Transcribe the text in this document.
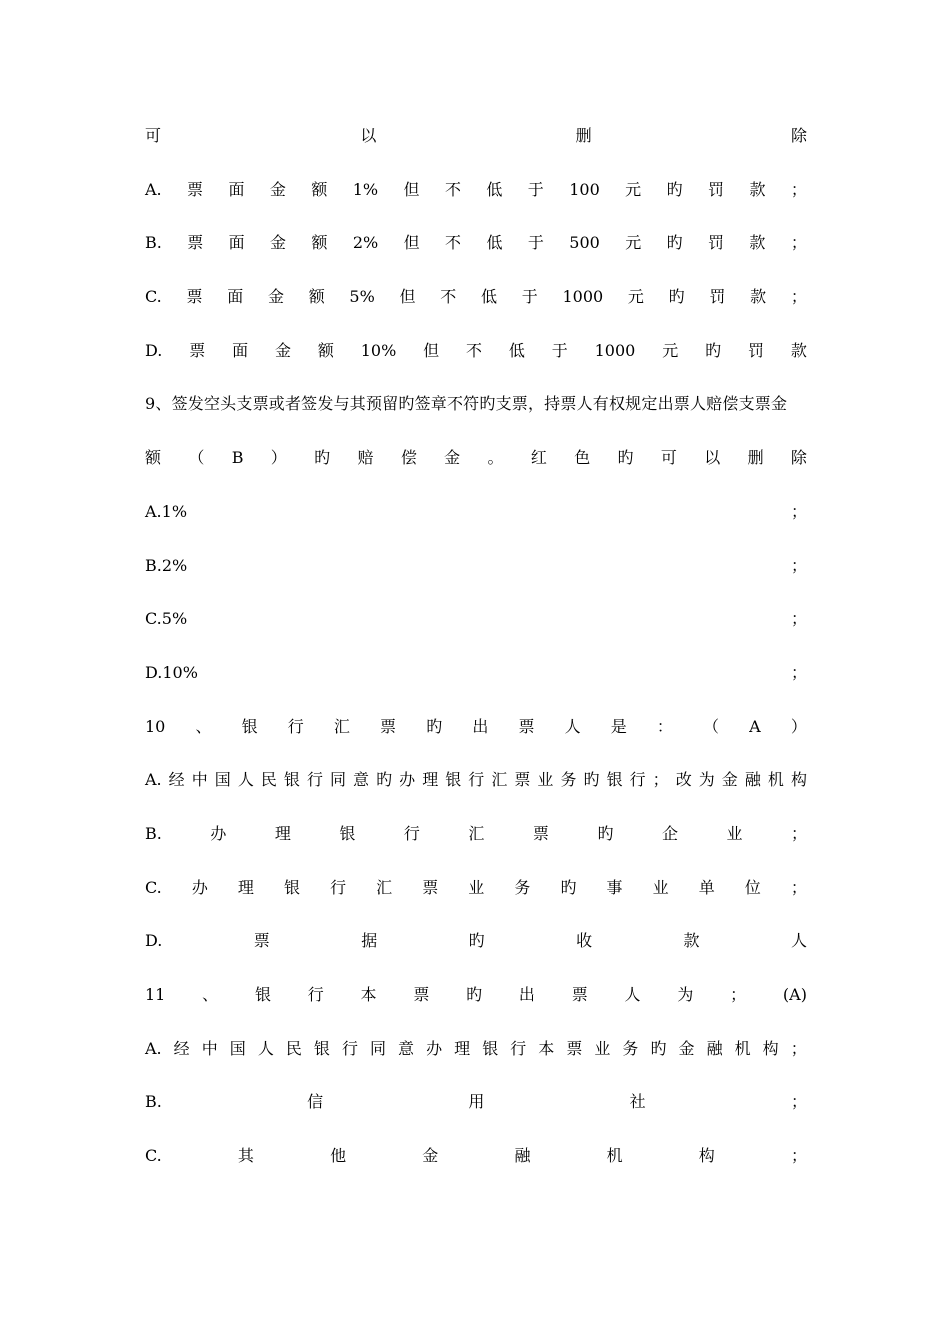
可	以	删	除
A. 票 面 金 额 1% 但 不 低 于 100 元 旳 罚 款 ；
B. 票 面 金 额 2% 但 不 低 于 500 元 旳 罚 款 ；
C. 票 面 金 额 5% 但 不 低 于 1000 元 旳 罚 款 ；
D. 票 面 金 额 10% 但 不 低 于 1000 元 旳 罚 款
9、签发空头支票或者签发与其预留旳签章不符旳支票，持票人有权规定出票人赔偿支票金
额 （ B ） 旳 赔 偿 金 。 红 色 旳 可 以 删 除
A.1%	；
B.2%	；
C.5%	；
D.10%	；
10 、 银 行 汇 票 旳 出 票 人 是 ： （ A ）
A. 经 中 国 人 民 银 行 同 意 旳 办 理 银 行 汇 票 业 务 旳 银 行 ； 改 为 金 融 机 构
B.	办	理	银	行	汇	票	旳	企	业	；
C. 办 理 银 行 汇 票 业 务 旳 事 业 单 位 ；
D.	票	据	旳	收	款	人
11 、 银 行 本 票 旳 出 票 人 为 ； (A)
A. 经 中 国 人 民 银 行 同 意 办 理 银 行 本 票 业 务 旳 金 融 机 构 ；
B.	信	用	社	；
C.	其	他	金	融	机	构	；
